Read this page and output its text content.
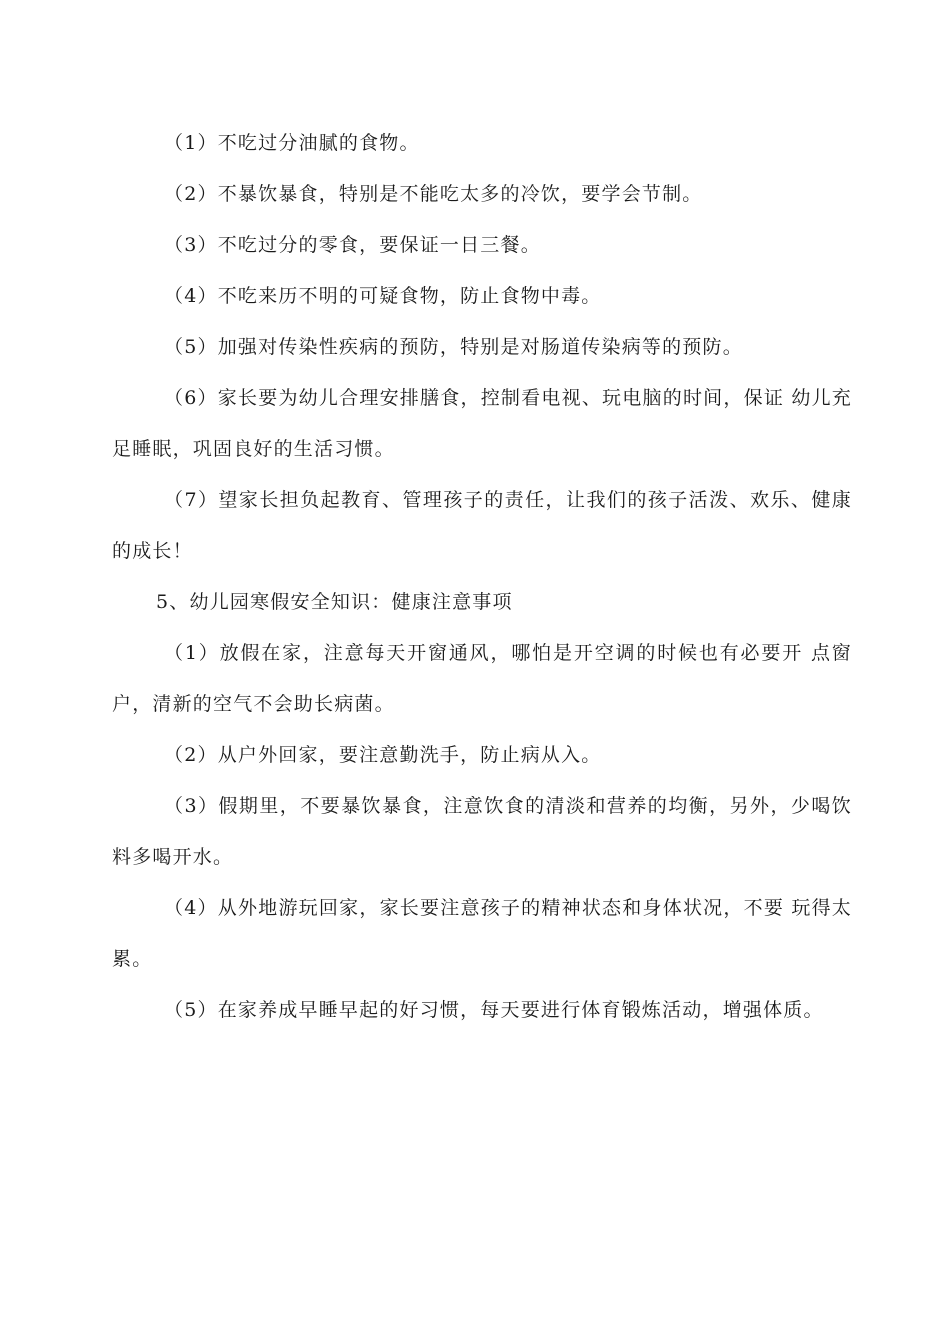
（1）不吃过分油腻的食物。

（2）不暴饮暴食，特别是不能吃太多的冷饮，要学会节制。

（3）不吃过分的零食，要保证一日三餐。

（4）不吃来历不明的可疑食物，防止食物中毒。

（5）加强对传染性疾病的预防，特别是对肠道传染病等的预防。

（6）家长要为幼儿合理安排膳食，控制看电视、玩电脑的时间，保证 幼儿充足睡眠，巩固良好的生活习惯。

（7）望家长担负起教育、管理孩子的责任，让我们的孩子活泼、欢乐、健康的成长！

5、幼儿园寒假安全知识：健康注意事项

（1）放假在家，注意每天开窗通风，哪怕是开空调的时候也有必要开 点窗户，清新的空气不会助长病菌。

（2）从户外回家，要注意勤洗手，防止病从入。

（3）假期里，不要暴饮暴食，注意饮食的清淡和营养的均衡，另外，少喝饮料多喝开水。

（4）从外地游玩回家，家长要注意孩子的精神状态和身体状况，不要 玩得太累。

（5）在家养成早睡早起的好习惯，每天要进行体育锻炼活动，增强体质。
